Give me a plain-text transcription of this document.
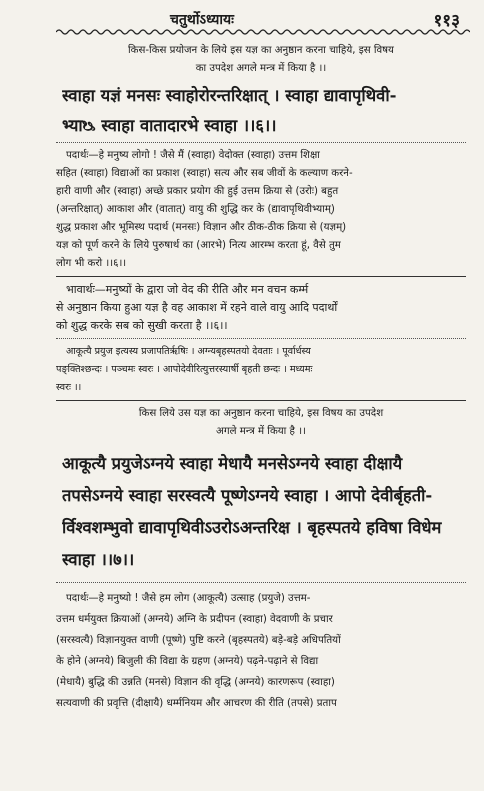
चतुर्थोऽध्यायः	११३
किस-किस प्रयोजन के लिये इस यज्ञ का अनुष्ठान करना चाहिये, इस विषय
का उपदेश अगले मन्त्र में किया है ।।
स्वाहा यज्ञं मनसः स्वाहोरोरन्तरिक्षात् । स्वाहा द्यावापृथिवी-
भ्याᳬ स्वाहा वातादारभे स्वाहा ।।६।।
पदार्थः—हे मनुष्य लोगो ! जैसे मैं (स्वाहा) वेदोक्त (स्वाहा) उत्तम शिक्षा
सहित (स्वाहा) विद्याओं का प्रकाश (स्वाहा) सत्य और सब जीवों के कल्याण करने-
हारी वाणी और (स्वाहा) अच्छे प्रकार प्रयोग की हुई उत्तम क्रिया से (उरोः) बहुत
(अन्तरिक्षात्) आकाश और (वातात्) वायु की शुद्धि कर के (द्यावापृथिवीभ्याम्)
शुद्ध प्रकाश और भूमिस्थ पदार्थ (मनसः) विज्ञान और ठीक-ठीक क्रिया से (यज्ञम्)
यज्ञ को पूर्ण करने के लिये पुरुषार्थ का (आरभे) नित्य आरम्भ करता हूं, वैसे तुम
लोग भी करो ।।६।।
भावार्थः—मनुष्यों के द्वारा जो वेद की रीति और मन वचन कर्म्म
से अनुष्ठान किया हुआ यज्ञ है वह आकाश में रहने वाले वायु आदि पदार्थों
को शुद्ध करके सब को सुखी करता है ।।६।।
आकूत्यै प्रयुज इत्यस्य प्रजापतिर्ऋषिः । अग्न्यबृहस्पतयो देवताः । पूर्वार्धस्य
पङ्क्तिश्छन्दः । पञ्चमः स्वरः । आपोदेवीरित्युत्तरस्यार्षी बृहती छन्दः । मध्यमः
स्वरः ।।
किस लिये उस यज्ञ का अनुष्ठान करना चाहिये, इस विषय का उपदेश
अगले मन्त्र में किया है ।।
आकूत्यै प्रयुजेऽग्नये स्वाहा मेधायै मनसेऽग्नये स्वाहा दीक्षायै
तपसेऽग्नये स्वाहा सरस्वत्यै पूष्णेऽग्नये स्वाहा । आपो देवीर्बृहती-
र्विश्वशम्भुवो द्यावापृथिवीऽउरोऽअन्तरिक्ष । बृहस्पतये हविषा विधेम
स्वाहा ।।७।।
पदार्थः—हे मनुष्यो ! जैसे हम लोग (आकूत्यै) उत्साह (प्रयुजे) उत्तम-
उत्तम धर्मयुक्त क्रियाओं (अग्नये) अग्नि के प्रदीपन (स्वाहा) वेदवाणी के प्रचार
(सरस्वत्यै) विज्ञानयुक्त वाणी (पूष्णे) पुष्टि करने (बृहस्पतये) बड़े-बड़े अधिपतियों
के होने (अग्नये) बिजुली की विद्या के ग्रहण (अग्नये) पढ़ने-पढ़ाने से विद्या
(मेधायै) बुद्धि की उन्नति (मनसे) विज्ञान की वृद्धि (अग्नये) कारणरूप (स्वाहा)
सत्यवाणी की प्रवृत्ति (दीक्षायै) धर्म्मनियम और आचरण की रीति (तपसे) प्रताप
